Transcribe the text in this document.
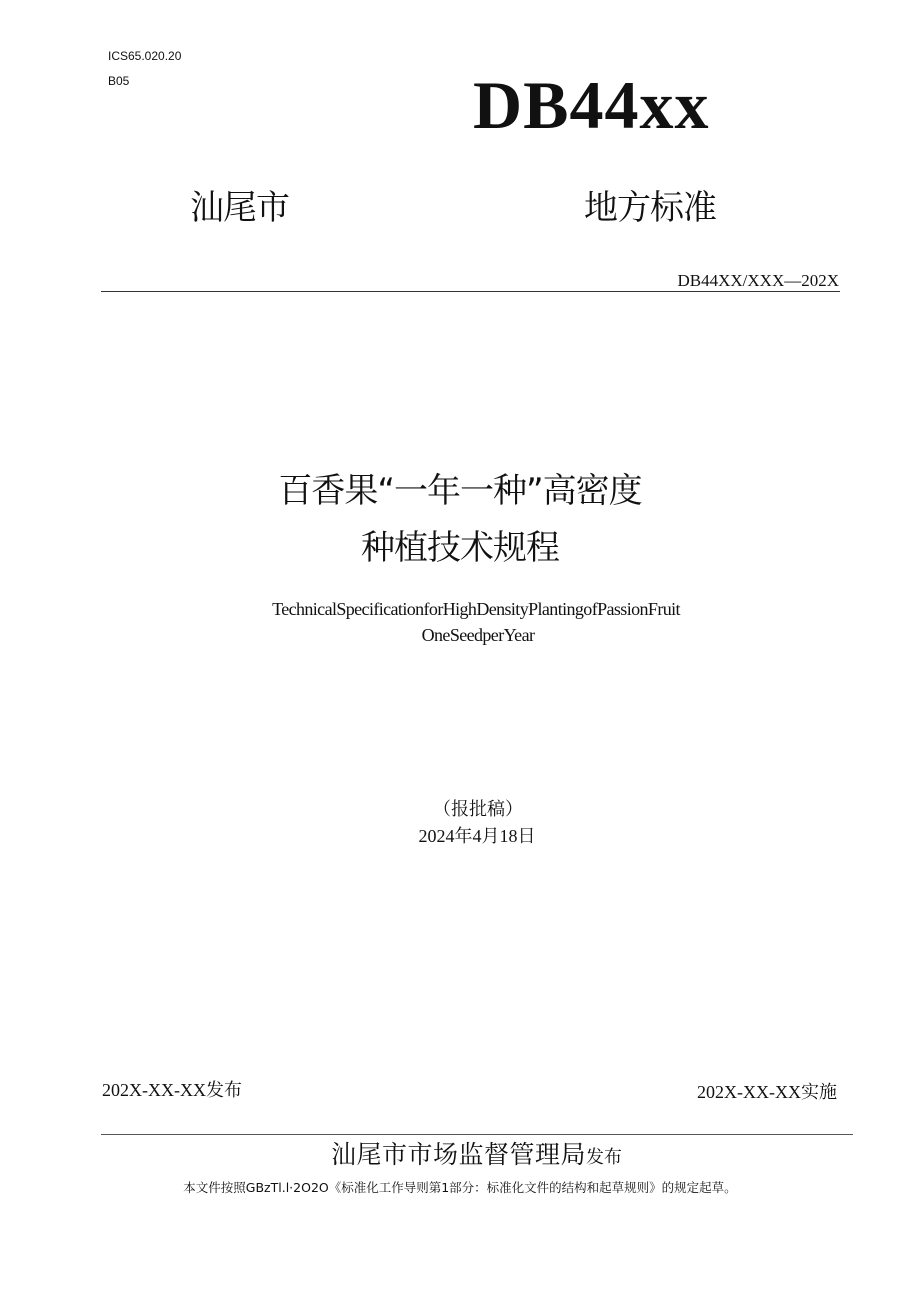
ICS65.020.20
B05	DB44xx
汕尾市	地方标准
DB44XX/XXX—202X
百香果“一年一种”高密度
种植技术规程
TechnicalSpecificationforHighDensityPlantingofPassionFruit
OneSeedperYear
（报批稿）
2024年4月18日
202X-XX-XX发布	202X-XX-XX实施
汕尾市市场监督管理局发布
本文件按照GBzTl.l·2O2O《标准化工作导则第1部分：标准化文件的结构和起草规则》的规定起草。
